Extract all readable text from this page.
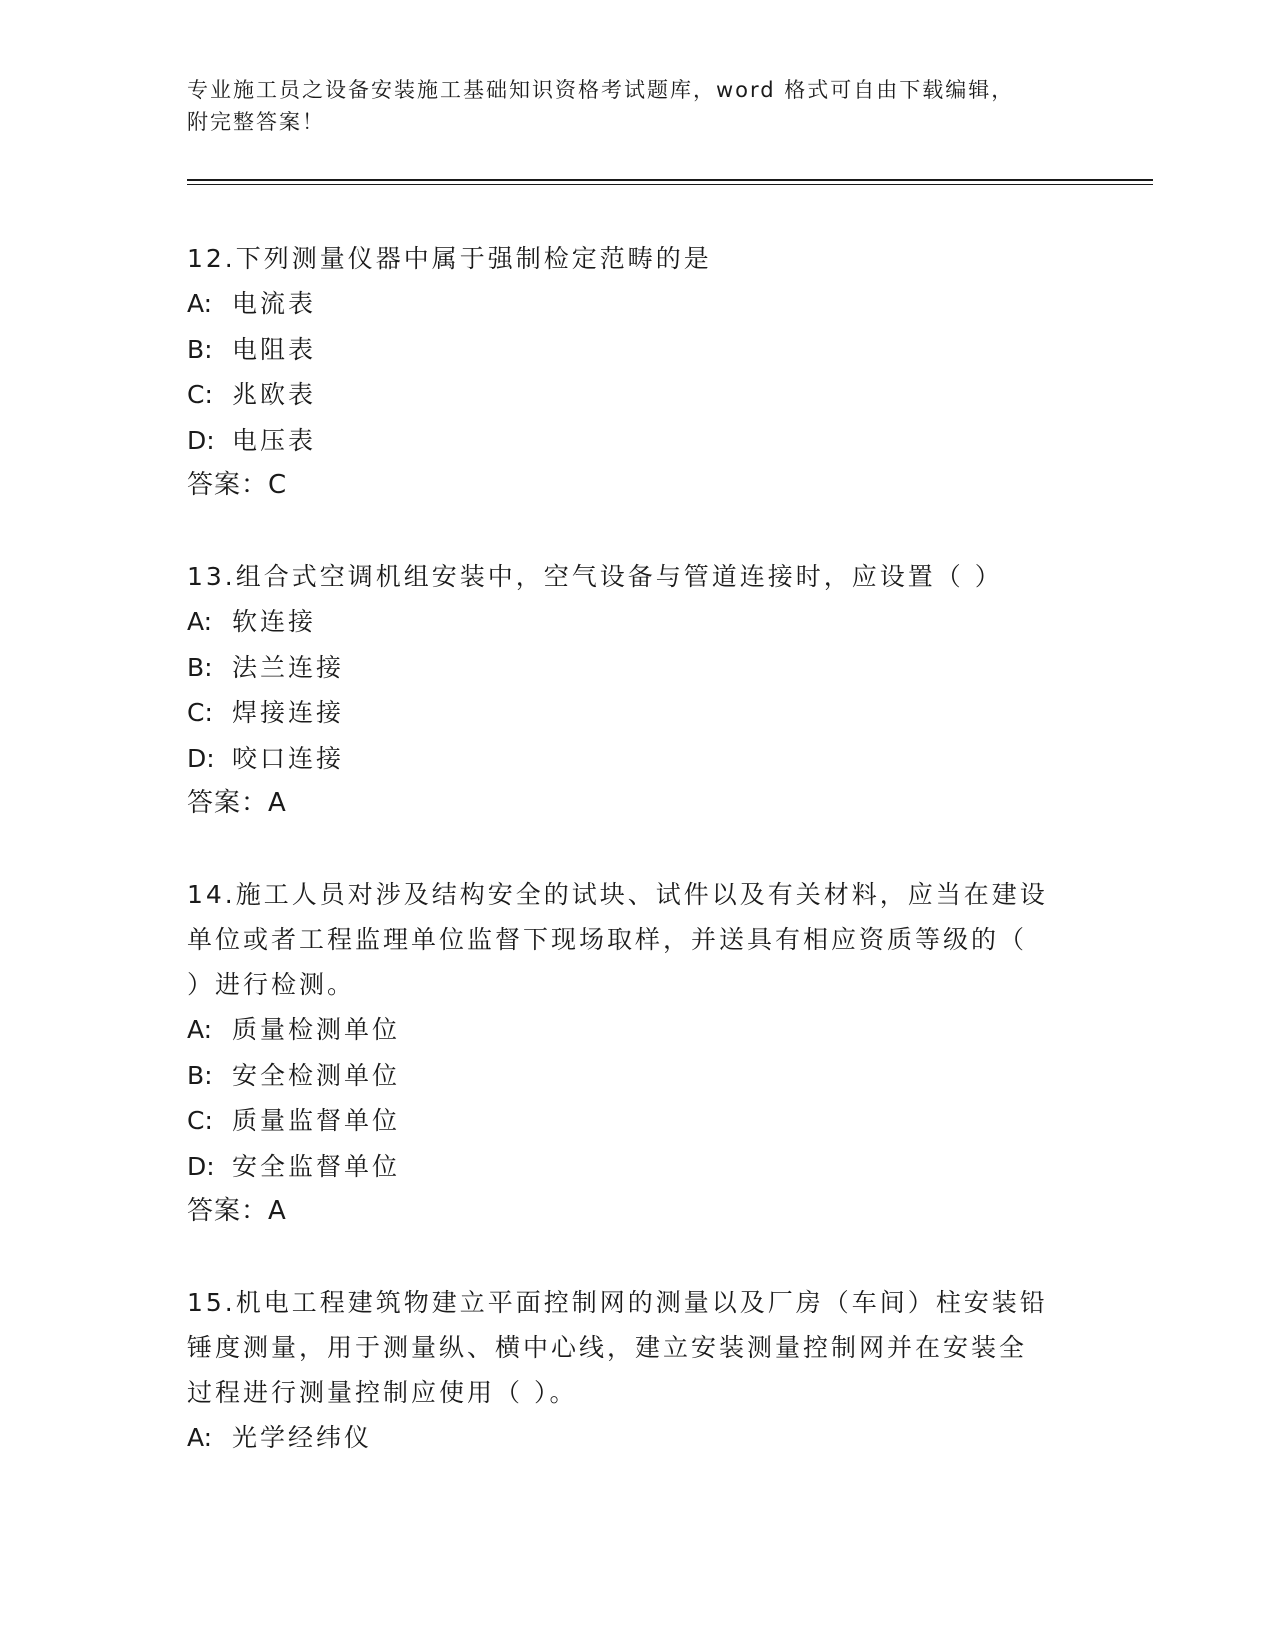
专业施工员之设备安装施工基础知识资格考试题库，word 格式可自由下载编辑，
附完整答案！
12.下列测量仪器中属于强制检定范畴的是
A: 电流表
B: 电阻表
C: 兆欧表
D: 电压表
答案：C
13.组合式空调机组安装中，空气设备与管道连接时，应设置（ ）
A: 软连接
B: 法兰连接
C: 焊接连接
D: 咬口连接
答案：A
14.施工人员对涉及结构安全的试块、试件以及有关材料，应当在建设
单位或者工程监理单位监督下现场取样，并送具有相应资质等级的（
）进行检测。
A: 质量检测单位
B: 安全检测单位
C: 质量监督单位
D: 安全监督单位
答案：A
15.机电工程建筑物建立平面控制网的测量以及厂房（车间）柱安装铅
锤度测量，用于测量纵、横中心线，建立安装测量控制网并在安装全
过程进行测量控制应使用（ ）。
A: 光学经纬仪
